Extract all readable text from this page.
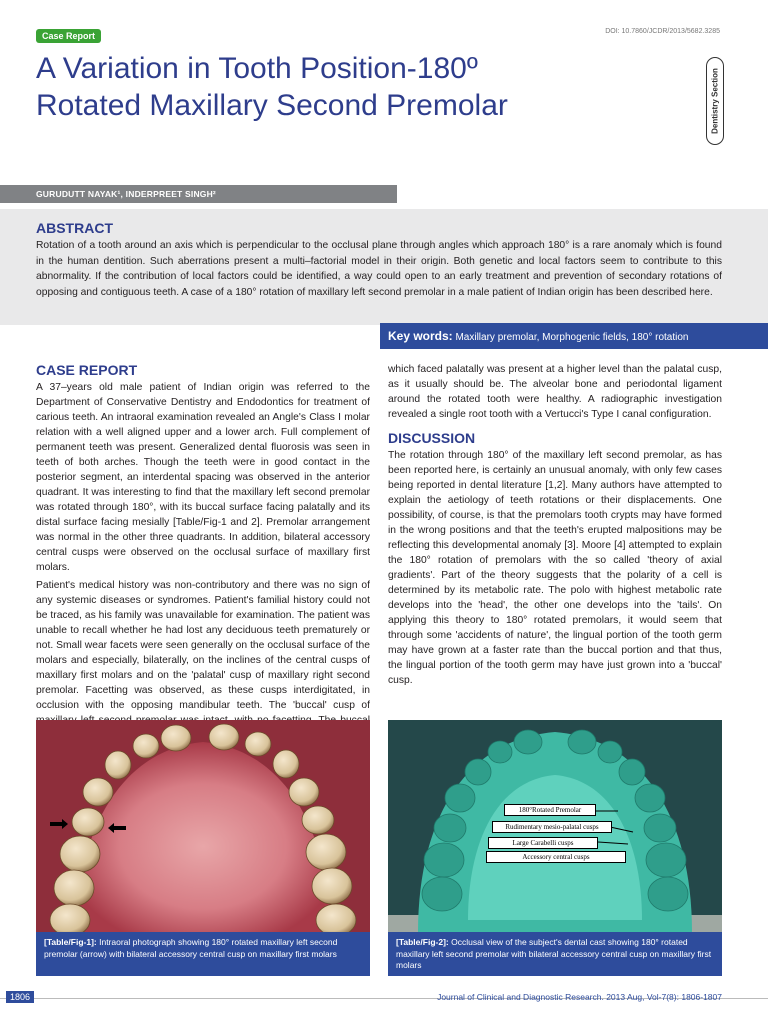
Case Report	DOI: 10.7860/JCDR/2013/5682.3285
A Variation in Tooth Position-180º
Rotated Maxillary Second Premolar	Dentistry Section
GURUDUTT NAYAK¹, INDERPREET SINGH²
ABSTRACT

Rotation of a tooth around an axis which is perpendicular to the occlusal plane through angles which approach 180° is a rare anomaly which is found in the human dentition. Such aberrations present a multi–factorial model in their origin. Both genetic and local factors seem to contribute to this abnormality. If the contribution of local factors could be identified, a way could open to an early treatment and prevention of secondary rotations of opposing and contiguous teeth. A case of a 180° rotation of maxillary left second premolar in a male patient of Indian origin has been described here.

Key words: Maxillary premolar, Morphogenic fields, 180° rotation
CASE REPORT

A 37–years old male patient of Indian origin was referred to the Department of Conservative Dentistry and Endodontics for treatment of carious teeth. An intraoral examination revealed an Angle's Class I molar relation with a well aligned upper and a lower arch. Full complement of permanent teeth was present. Generalized dental fluorosis was seen in teeth of both arches. Though the teeth were in good contact in the posterior segment, an interdental spacing was observed in the anterior quadrant. It was interesting to find that the maxillary left second premolar was rotated through 180°, with its buccal surface facing palatally and its distal surface facing mesially [Table/Fig-1 and 2]. Premolar arrangement was normal in the other three quadrants. In addition, bilateral accessory central cusps were observed on the occlusal surface of maxillary first molars.

Patient's medical history was non-contributory and there was no sign of any systemic diseases or syndromes. Patient's familial history could not be traced, as his family was unavailable for examination. The patient was unable to recall whether he had lost any deciduous teeth prematurely or not. Small wear facets were seen generally on the occlusal surface of the molars and especially, bilaterally, on the inclines of the central cusps of maxillary first molars and on the 'palatal' cusp of maxillary right second premolar. Facetting was observed, as these cusps interdigitated, in occlusion with the opposing mandibular teeth. The 'buccal' cusp of

which faced palatally was present at a higher level than the palatal cusp, as it usually should be. The alveolar bone and periodontal ligament around the rotated tooth were healthy. A radiographic investigation revealed a single root tooth with a Vertucci's Type I canal configuration.

DISCUSSION

The rotation through 180° of the maxillary left second premolar, as has been reported here, is certainly an unusual anomaly, with only few cases being reported in dental literature [1,2]. Many authors have attempted to explain the aetiology of teeth rotations or their displacements. One possibility, of course, is that the premolars tooth crypts may have formed in the wrong positions and that the teeth's erupted malpositions may be reflecting this developmental anomaly [3]. Moore [4] attempted to explain the 180° rotation of premolars with the so called 'theory of axial gradients'. Part of the theory suggests that the polarity of a cell is determined by its metabolic rate. The polo with highest metabolic rate develops into the 'head', the other one develops into the 'tails'. On applying this theory to 180° rotated premolars, it would seem that through some 'accidents of nature', the lingual portion of the tooth germ may have grown at a faster rate than the buccal portion and that thus, the lingual portion of the tooth germ may have just grown into a 'buccal' cusp.

180°Rotated Premolar
Rudimentary mesio-palatal cusps
Large Carabelli cusps
Accessory central cusps
[Table/Fig-1]: Intraoral photograph showing 180° rotated maxillary left second premolar (arrow) with bilateral accessory central cusp on maxillary first molars
[Table/Fig-2]: Occlusal view of the subject's dental cast showing 180° rotated maxillary left second premolar with bilateral accessory central cusp on maxillary first molars
1806	Journal of Clinical and Diagnostic Research. 2013 Aug, Vol-7(8): 1806-1807
